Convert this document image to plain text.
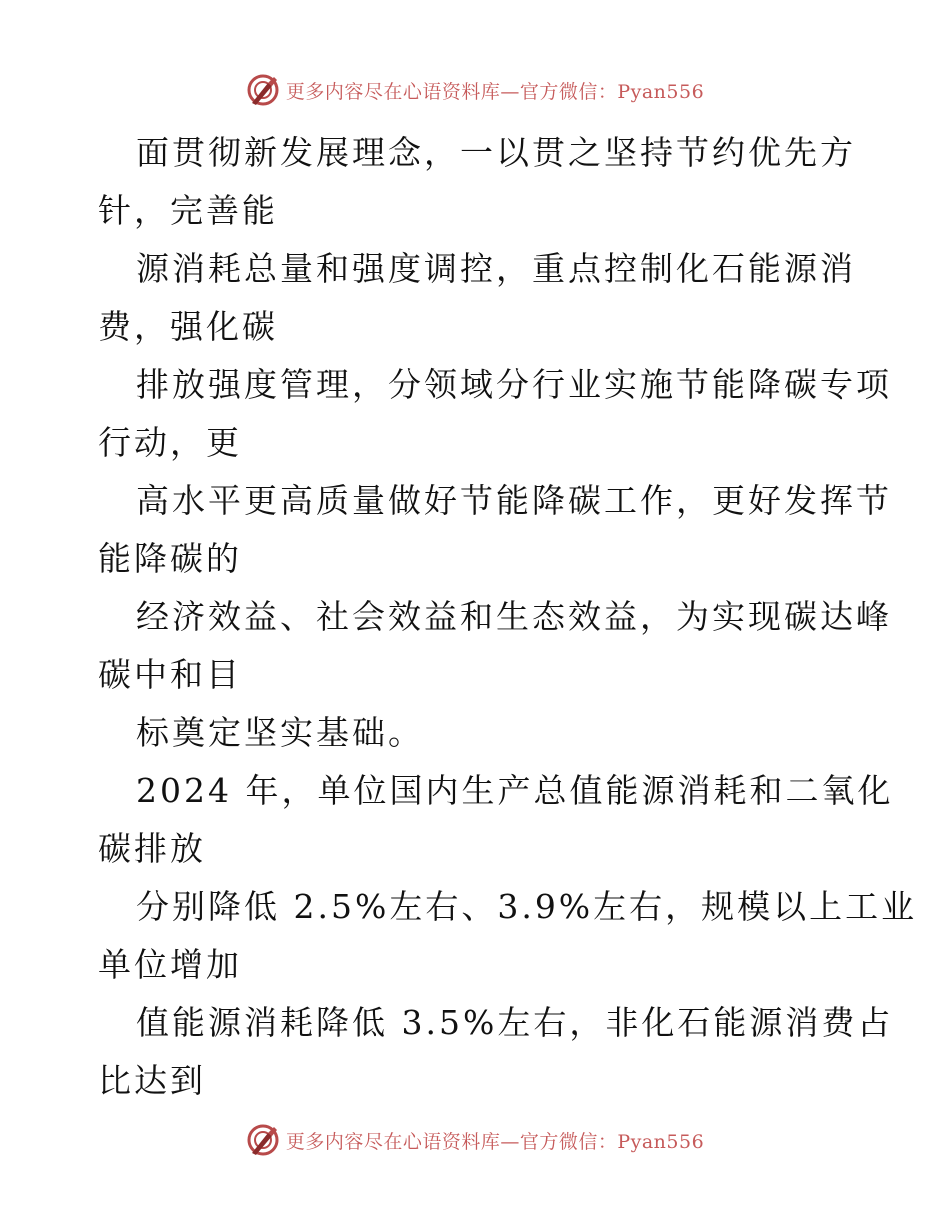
更多内容尽在心语资料库—官方微信：Pyan556
面贯彻新发展理念，一以贯之坚持节约优先方
针，完善能
源消耗总量和强度调控，重点控制化石能源消
费，强化碳
排放强度管理，分领域分行业实施节能降碳专项
行动，更
高水平更高质量做好节能降碳工作，更好发挥节
能降碳的
经济效益、社会效益和生态效益，为实现碳达峰
碳中和目
标奠定坚实基础。
2024 年，单位国内生产总值能源消耗和二氧化
碳排放
分别降低 2.5%左右、3.9%左右，规模以上工业
单位增加
值能源消耗降低 3.5%左右，非化石能源消费占
比达到
更多内容尽在心语资料库—官方微信：Pyan556
